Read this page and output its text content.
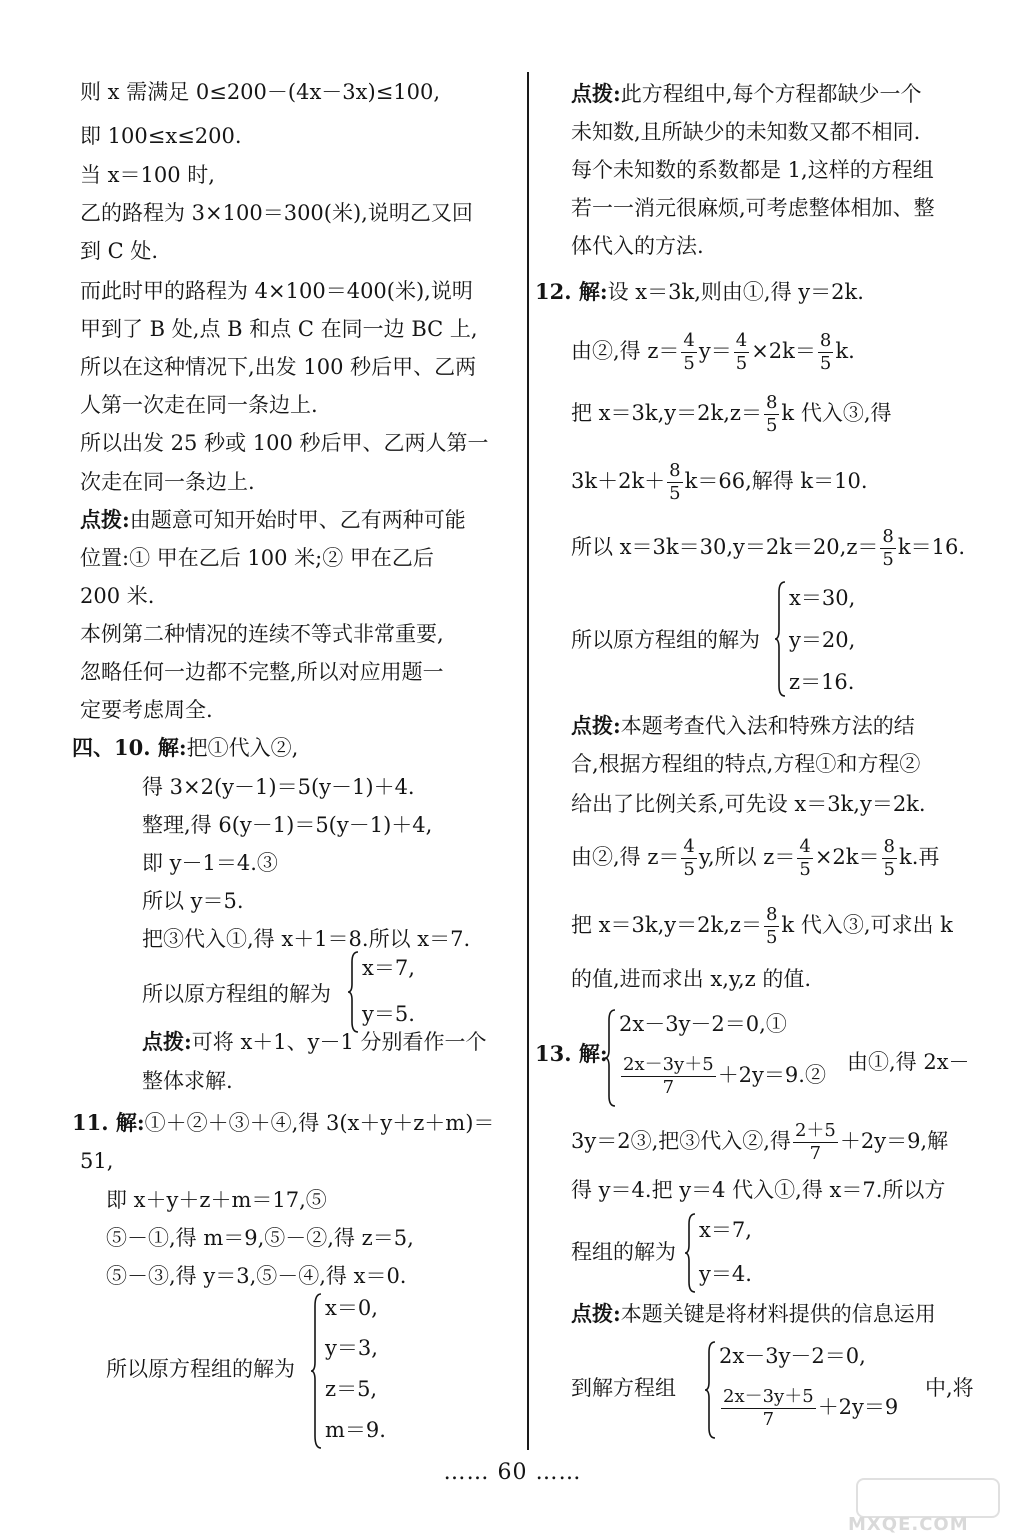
则 x 需满足 0≤200－(4x－3x)≤100,
即 100≤x≤200.
当 x＝100 时,
乙的路程为 3×100＝300(米),说明乙又回
到 C 处.
而此时甲的路程为 4×100＝400(米),说明
甲到了 B 处,点 B 和点 C 在同一边 BC 上,
所以在这种情况下,出发 100 秒后甲、乙两
人第一次走在同一条边上.
所以出发 25 秒或 100 秒后甲、乙两人第一
次走在同一条边上.
点拨:由题意可知开始时甲、乙有两种可能
位置:① 甲在乙后 100 米;② 甲在乙后
200 米.
本例第二种情况的连续不等式非常重要,
忽略任何一边都不完整,所以对应用题一
定要考虑周全.
四、10. 解:把①代入②,
得 3×2(y－1)＝5(y－1)＋4.
整理,得 6(y－1)＝5(y－1)＋4,
即 y－1＝4.③
所以 y＝5.
把③代入①,得 x＋1＝8.所以 x＝7.
所以原方程组的解为
x＝7,
y＝5.
点拨:可将 x＋1、y－1 分别看作一个
整体求解.
11. 解:①＋②＋③＋④,得 3(x＋y＋z＋m)＝
51,
即 x＋y＋z＋m＝17,⑤
⑤－①,得 m＝9,⑤－②,得 z＝5,
⑤－③,得 y＝3,⑤－④,得 x＝0.
所以原方程组的解为
x＝0,
y＝3,
z＝5,
m＝9.
点拨:此方程组中,每个方程都缺少一个
未知数,且所缺少的未知数又都不相同.
每个未知数的系数都是 1,这样的方程组
若一一消元很麻烦,可考虑整体相加、整
体代入的方法.
12. 解:设 x＝3k,则由①,得 y＝2k.
由②,得 $z= \frac{4}{5} y= \frac{4}{5} \times 2k= \frac{8}{5} k$.
把 $x=3k,y=2k,z= \frac{8}{5}$ k 代入③,得
$3k+2k+ \frac{8}{5} k=66$,解得 k＝10.
所以 $x=3k=30,y=2k=20,z= \frac{8}{5} k=16$.
所以原方程组的解为
x＝30,
y＝20,
z＝16.
点拨:本题考查代入法和特殊方法的结
合,根据方程组的特点,方程①和方程②
给出了比例关系,可先设 x＝3k,y＝2k.
由②,得 $z= \frac{4}{5} y$,所以 $z= \frac{4}{5} \times 2k= \frac{8}{5} k$.再
把 $x=3k,y=2k,z= \frac{8}{5}$ k 代入③,可求出 k
的值,进而求出 x,y,z 的值.
13. 解:
2x－3y－2＝0,①
$\frac{2x-3y+5}{7}$ ＋2y＝9.②
由①,得 2x－
3y＝2③,把③代入②,得 $\frac{2+5}{7} +2y=9$,解
得 y＝4.把 y＝4 代入①,得 x＝7.所以方
程组的解为
x＝7,
y＝4.
点拨:本题关键是将材料提供的信息运用
到解方程组
2x－3y－2＝0,
$\frac{2x-3y+5}{7} +2y=9$
中,将
…… 60 ……
MXQE.COM
